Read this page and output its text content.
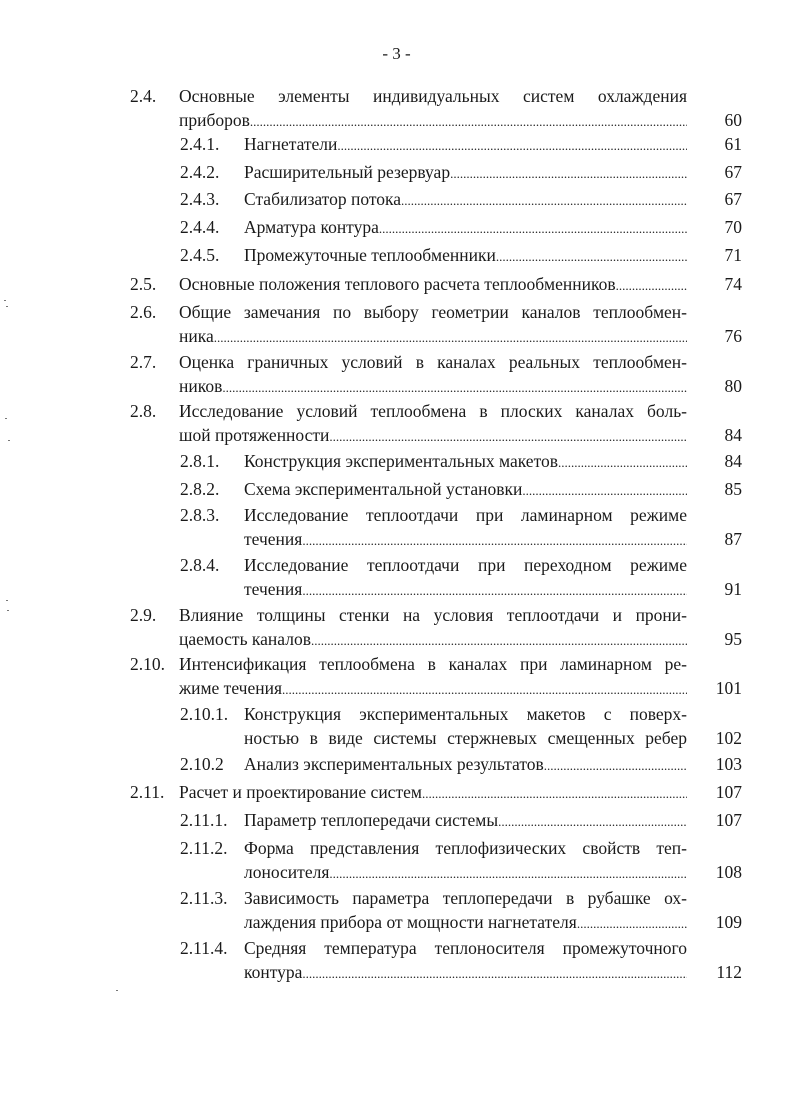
- 3 -
2.4. Основные элементы индивидуальных систем охлаждения
приборов .....	60
2.4.1. Нагнетатели .....	61
2.4.2. Расширительный резервуар .....	67
2.4.3. Стабилизатор потока .....	67
2.4.4. Арматура контура .....	70
2.4.5. Промежуточные теплообменники .....	71
2.5. Основные положения теплового расчета теплообменников .....	74
2.6. Общие замечания по выбору геометрии каналов теплообмен-
ника .....	76
2.7. Оценка граничных условий в каналах реальных теплообмен-
ников .....	80
2.8. Исследование условий теплообмена в плоских каналах боль-
шой протяженности .....	84
2.8.1. Конструкция экспериментальных макетов .....	84
2.8.2. Схема экспериментальной установки .....	85
2.8.3. Исследование теплоотдачи при ламинарном режиме
течения .....	87
2.8.4. Исследование теплоотдачи при переходном режиме
течения .....	91
2.9. Влияние толщины стенки на условия теплоотдачи и прони-
цаемость каналов .....	95
2.10. Интенсификация теплообмена в каналах при ламинарном ре-
жиме течения .....	101
2.10.1. Конструкция экспериментальных макетов с поверх-
ностью в виде системы стержневых смещенных ребер 102
2.10.2 Анализ экспериментальных результатов .....	103
2.11. Расчет и проектирование систем .....	107
2.11.1. Параметр теплопередачи системы .....	107
2.11.2. Форма представления теплофизических свойств теп-
лоносителя .....	108
2.11.3. Зависимость параметра теплопередачи в рубашке ох-
лаждения прибора от мощности нагнетателя .....	109
2.11.4. Средняя температура теплоносителя промежуточного
контура .....	112
